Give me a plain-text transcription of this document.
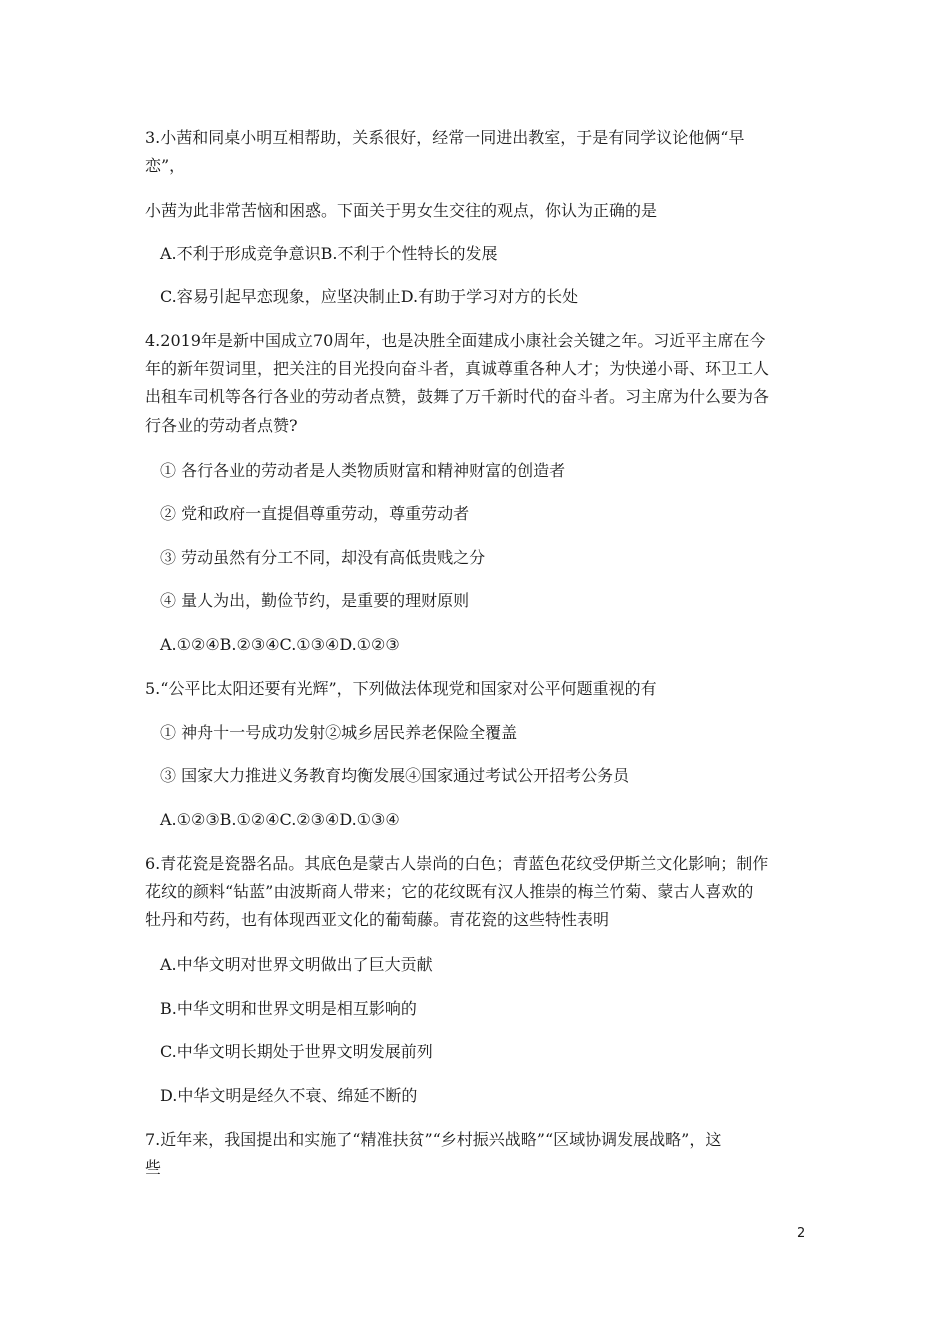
3.小茜和同桌小明互相帮助，关系很好，经常一同进出教室，于是有同学议论他俩“早
恋”，
小茜为此非常苦恼和困惑。下面关于男女生交往的观点，你认为正确的是
A.不利于形成竞争意识B.不利于个性特长的发展
C.容易引起早恋现象，应坚决制止D.有助于学习对方的长处
4.2019年是新中国成立70周年，也是决胜全面建成小康社会关键之年。习近平主席在今
年的新年贺词里，把关注的目光投向奋斗者，真诚尊重各种人才；为快递小哥、环卫工人
出租车司机等各行各业的劳动者点赞，鼓舞了万千新时代的奋斗者。习主席为什么要为各
行各业的劳动者点赞?
① 各行各业的劳动者是人类物质财富和精神财富的创造者
② 党和政府一直提倡尊重劳动，尊重劳动者
③ 劳动虽然有分工不同，却没有高低贵贱之分
④ 量人为出，勤俭节约，是重要的理财原则
A.①②④B.②③④C.①③④D.①②③
5.“公平比太阳还要有光辉”，下列做法体现党和国家对公平何题重视的有
① 神舟十一号成功发射②城乡居民养老保险全覆盖
③ 国家大力推进义务教育均衡发展④国家通过考试公开招考公务员
A.①②③B.①②④C.②③④D.①③④
6.青花瓷是瓷器名品。其底色是蒙古人崇尚的白色；青蓝色花纹受伊斯兰文化影响；制作
花纹的颜料“钻蓝”由波斯商人带来；它的花纹既有汉人推崇的梅兰竹菊、蒙古人喜欢的
牡丹和芍药，也有体现西亚文化的葡萄藤。青花瓷的这些特性表明
A.中华文明对世界文明做出了巨大贡献
B.中华文明和世界文明是相互影响的
C.中华文明长期处于世界文明发展前列
D.中华文明是经久不衰、绵延不断的
7.近年来，我国提出和实施了“精准扶贫”“乡村振兴战略”“区域协调发展战略”，这
些
2
